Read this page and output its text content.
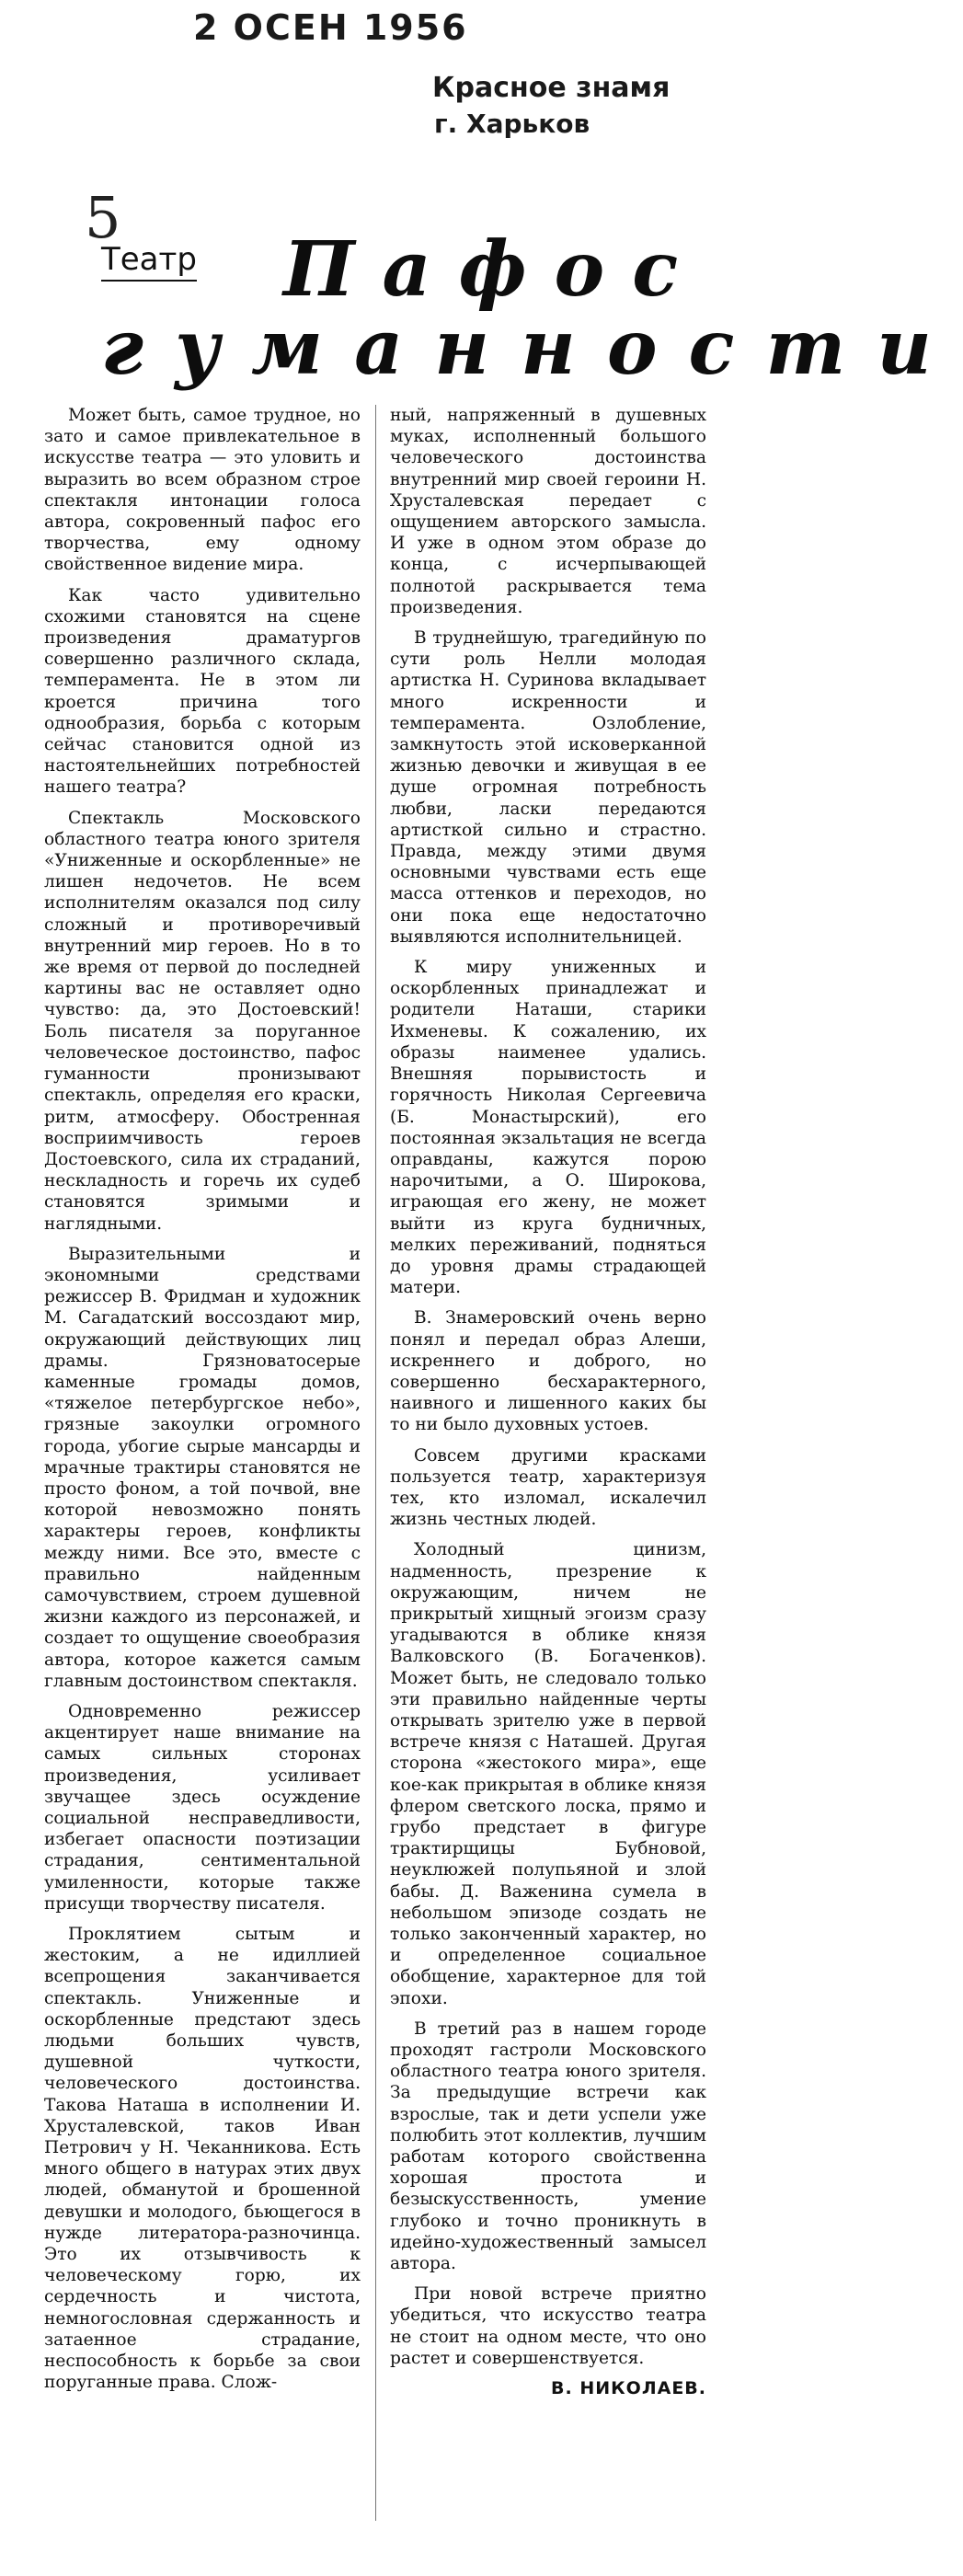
2 ОСЕН 1956
Красное знамя
г. Харьков
5
Театр Пафос
гуманности

Может быть, самое трудное, но зато и самое привлекательное в искусстве театра — это уловить и выразить во всем образном строе спектакля интонации голоса автора, сокровенный пафос его творчества, ему одному свойственное видение мира.

Как часто удивительно схожими становятся на сцене произведения драматургов совершенно различного склада, темперамента. Не в этом ли кроется причина того однообразия, борьба с которым сейчас становится одной из настоятельнейших потребностей нашего театра?

Спектакль Московского областного театра юного зрителя «Униженные и оскорбленные» не лишен недочетов. Не всем исполнителям оказался под силу сложный и противоречивый внутренний мир героев. Но в то же время от первой до последней картины вас не оставляет одно чувство: да, это Достоевский! Боль писателя за поруганное человеческое достоинство, пафос гуманности пронизывают спектакль, определяя его краски, ритм, атмосферу. Обостренная восприимчивость героев Достоевского, сила их страданий, нескладность и горечь их судеб становятся зримыми и наглядными.

Выразительными и экономными средствами режиссер В. Фридман и художник М. Сагадатский воссоздают мир, окружающий действующих лиц драмы. Грязноватосерые каменные громады домов, «тяжелое петербургское небо», грязные закоулки огромного города, убогие сырые мансарды и мрачные трактиры становятся не просто фоном, а той почвой, вне которой невозможно понять характеры героев, конфликты между ними. Все это, вместе с правильно найденным самочувствием, строем душевной жизни каждого из персонажей, и создает то ощущение своеобразия автора, которое кажется самым главным достоинством спектакля.

Одновременно режиссер акцентирует наше внимание на самых сильных сторонах произведения, усиливает звучащее здесь осуждение социальной несправедливости, избегает опасности поэтизации страдания, сентиментальной умиленности, которые также присущи творчеству писателя.

Проклятием сытым и жестоким, а не идиллией всепрощения заканчивается спектакль. Униженные и оскорбленные предстают здесь людьми больших чувств, душевной чуткости, человеческого достоинства. Такова Наташа в исполнении И. Хрусталевской, таков Иван Петрович у Н. Чеканникова. Есть много общего в натурах этих двух людей, обманутой и брошенной девушки и молодого, бьющегося в нужде литератора-разночинца. Это их отзывчивость к человеческому горю, их сердечность и чистота, немногословная сдержанность и затаенное страдание, неспособность к борьбе за свои поруганные права. Слож-

ный, напряженный в душевных муках, исполненный большого человеческого достоинства внутренний мир своей героини Н. Хрусталевская передает с ощущением авторского замысла. И уже в одном этом образе до конца, с исчерпывающей полнотой раскрывается тема произведения.

В труднейшую, трагедийную по сути роль Нелли молодая артистка Н. Суринова вкладывает много искренности и темперамента. Озлобление, замкнутость этой исковерканной жизнью девочки и живущая в ее душе огромная потребность любви, ласки передаются артисткой сильно и страстно. Правда, между этими двумя основными чувствами есть еще масса оттенков и переходов, но они пока еще недостаточно выявляются исполнительницей.

К миру униженных и оскорбленных принадлежат и родители Наташи, старики Ихменевы. К сожалению, их образы наименее удались. Внешняя порывистость и горячность Николая Сергеевича (Б. Монастырский), его постоянная экзальтация не всегда оправданы, кажутся порою нарочитыми, а О. Широкова, играющая его жену, не может выйти из круга будничных, мелких переживаний, подняться до уровня драмы страдающей матери.

В. Знамеровский очень верно понял и передал образ Алеши, искреннего и доброго, но совершенно бесхарактерного, наивного и лишенного каких бы то ни было духовных устоев.

Совсем другими красками пользуется театр, характеризуя тех, кто изломал, искалечил жизнь честных людей.

Холодный цинизм, надменность, презрение к окружающим, ничем не прикрытый хищный эгоизм сразу угадываются в облике князя Валковского (В. Богаченков). Может быть, не следовало только эти правильно найденные черты открывать зрителю уже в первой встрече князя с Наташей. Другая сторона «жестокого мира», еще кое-как прикрытая в облике князя флером светского лоска, прямо и грубо предстает в фигуре трактирщицы Бубновой, неуклюжей полупьяной и злой бабы. Д. Важенина сумела в небольшом эпизоде создать не только законченный характер, но и определенное социальное обобщение, характерное для той эпохи.

В третий раз в нашем городе проходят гастроли Московского областного театра юного зрителя. За предыдущие встречи как взрослые, так и дети успели уже полюбить этот коллектив, лучшим работам которого свойственна хорошая простота и безыскусственность, умение глубоко и точно проникнуть в идейно-художественный замысел автора.

При новой встрече приятно убедиться, что искусство театра не стоит на одном месте, что оно растет и совершенствуется.

В. НИКОЛАЕВ.
